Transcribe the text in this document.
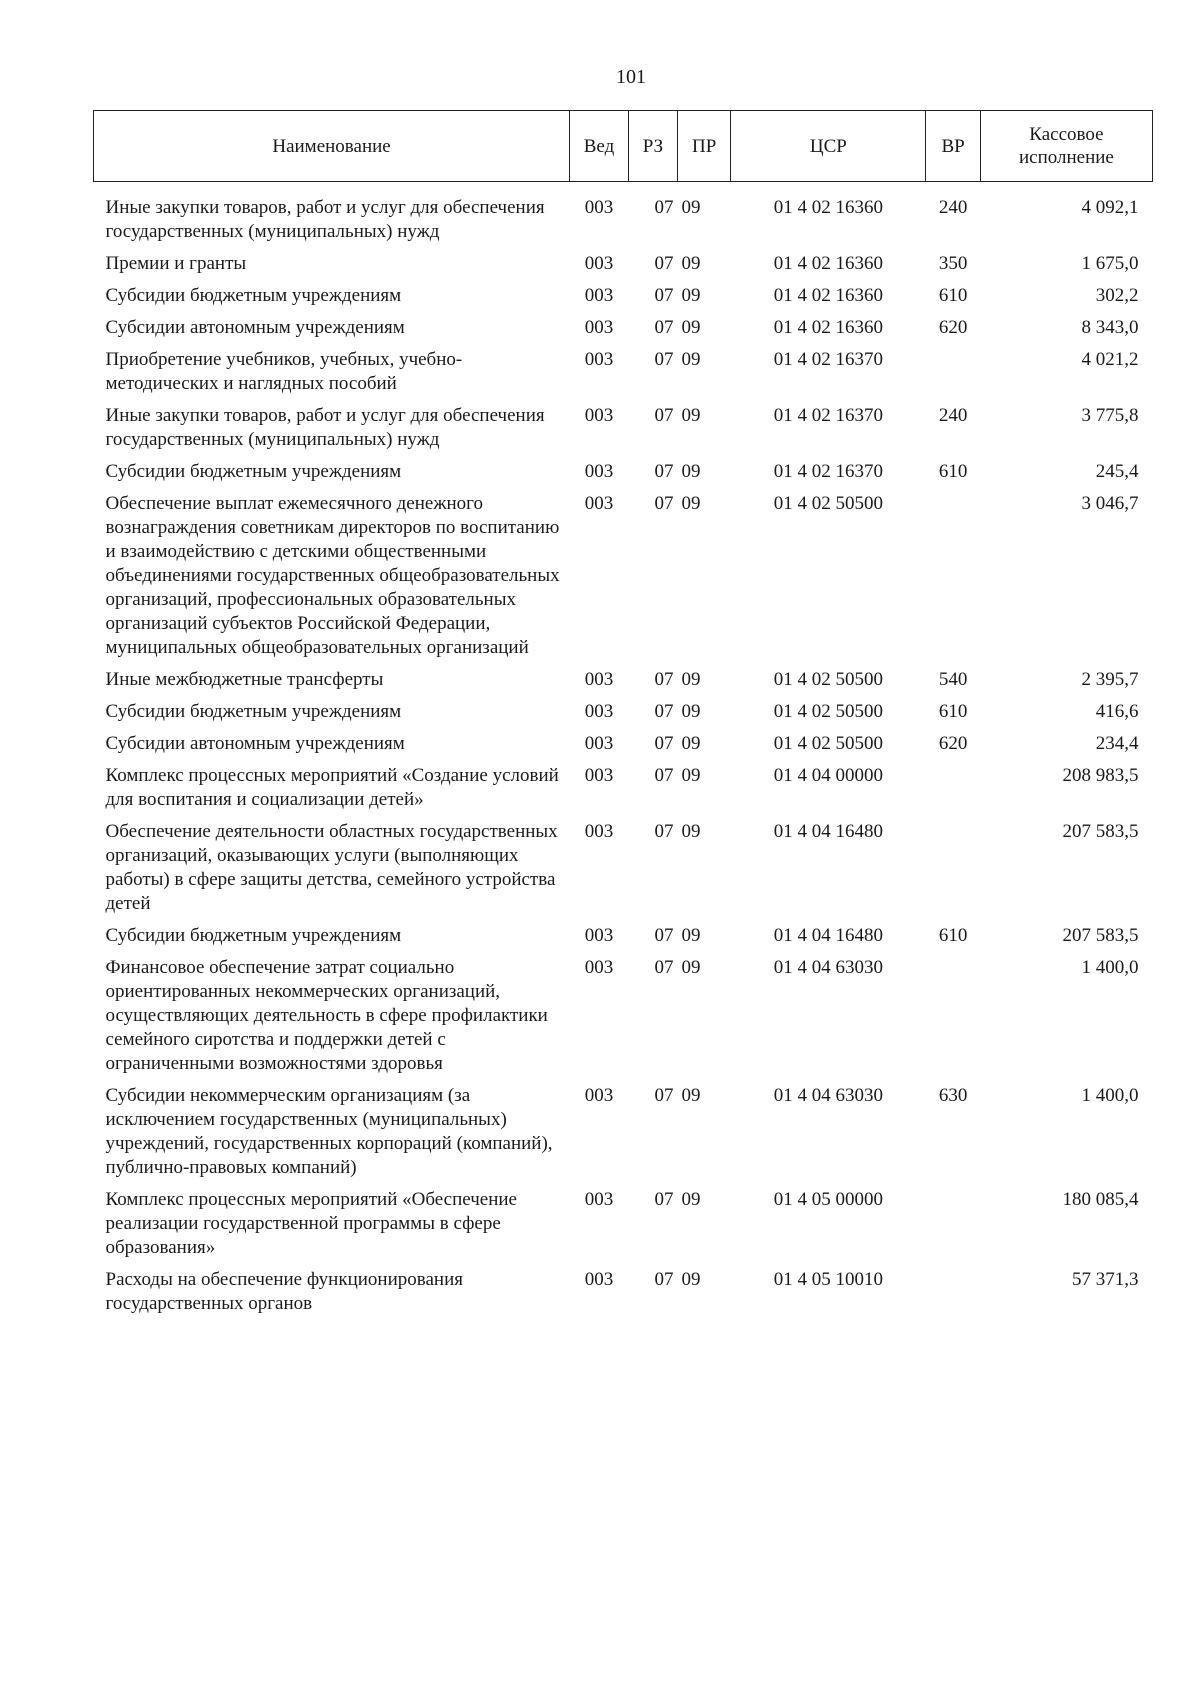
101
Наименование	Вед	РЗ	ПР	ЦСР	ВР	Кассовое исполнение
Иные закупки товаров, работ и услуг для обеспечения государственных (муниципальных) нужд	003	07	09	01 4 02 16360	240	4 092,1
Премии и гранты	003	07	09	01 4 02 16360	350	1 675,0
Субсидии бюджетным учреждениям	003	07	09	01 4 02 16360	610	302,2
Субсидии автономным учреждениям	003	07	09	01 4 02 16360	620	8 343,0
Приобретение учебников, учебных, учебно-методических и наглядных пособий	003	07	09	01 4 02 16370		4 021,2
Иные закупки товаров, работ и услуг для обеспечения государственных (муниципальных) нужд	003	07	09	01 4 02 16370	240	3 775,8
Субсидии бюджетным учреждениям	003	07	09	01 4 02 16370	610	245,4
Обеспечение выплат ежемесячного денежного вознаграждения советникам директоров по воспитанию и взаимодействию с детскими общественными объединениями государственных общеобразовательных организаций, профессиональных образовательных организаций субъектов Российской Федерации, муниципальных общеобразовательных организаций	003	07	09	01 4 02 50500		3 046,7
Иные межбюджетные трансферты	003	07	09	01 4 02 50500	540	2 395,7
Субсидии бюджетным учреждениям	003	07	09	01 4 02 50500	610	416,6
Субсидии автономным учреждениям	003	07	09	01 4 02 50500	620	234,4
Комплекс процессных мероприятий «Создание условий для воспитания и социализации детей»	003	07	09	01 4 04 00000		208 983,5
Обеспечение деятельности областных государственных организаций, оказывающих услуги (выполняющих работы) в сфере защиты детства, семейного устройства детей	003	07	09	01 4 04 16480		207 583,5
Субсидии бюджетным учреждениям	003	07	09	01 4 04 16480	610	207 583,5
Финансовое обеспечение затрат социально ориентированных некоммерческих организаций, осуществляющих деятельность в сфере профилактики семейного сиротства и поддержки детей с ограниченными возможностями здоровья	003	07	09	01 4 04 63030		1 400,0
Субсидии некоммерческим организациям (за исключением государственных (муниципальных) учреждений, государственных корпораций (компаний), публично-правовых компаний)	003	07	09	01 4 04 63030	630	1 400,0
Комплекс процессных мероприятий «Обеспечение реализации государственной программы в сфере образования»	003	07	09	01 4 05 00000		180 085,4
Расходы на обеспечение функционирования государственных органов	003	07	09	01 4 05 10010		57 371,3
